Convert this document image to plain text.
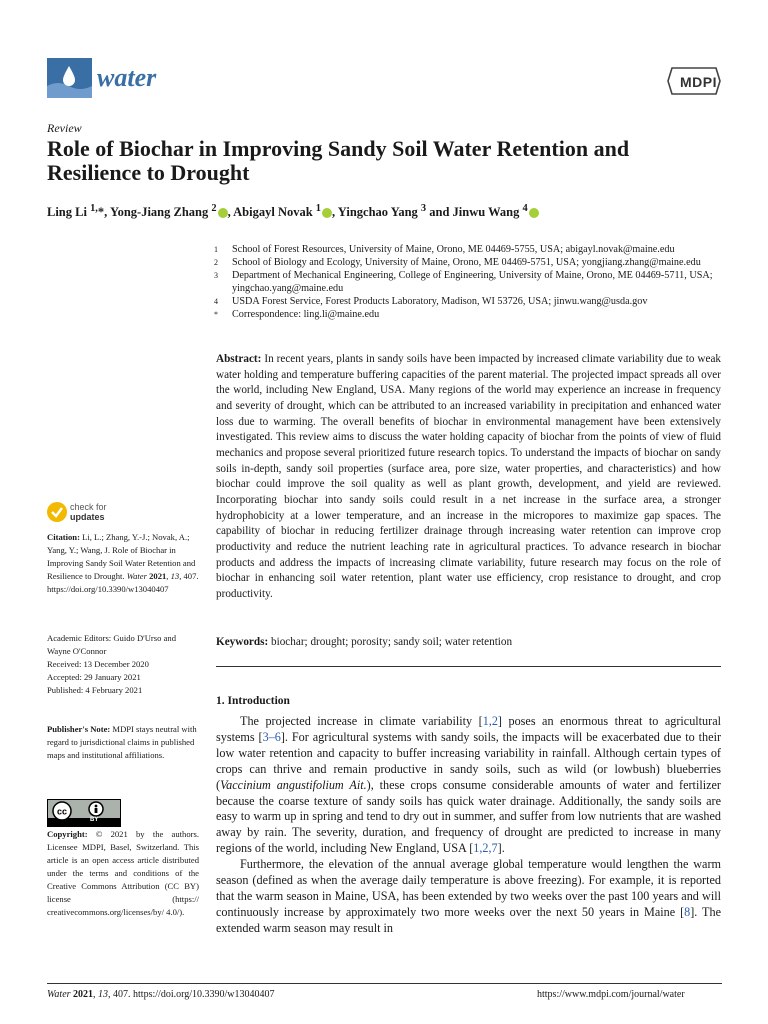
water	MDPI
Review
Role of Biochar in Improving Sandy Soil Water Retention and Resilience to Drought
Ling Li $^{1,}$*, Yong-Jiang Zhang $^2$ , Abigayl Novak $^1$ , Yingchao Yang $^3$ and Jinwu Wang $^4$
1	School of Forest Resources, University of Maine, Orono, ME 04469-5755, USA; abigayl.novak@maine.edu
2	School of Biology and Ecology, University of Maine, Orono, ME 04469-5751, USA; yongjiang.zhang@maine.edu
3	Department of Mechanical Engineering, College of Engineering, University of Maine, Orono, ME 04469-5711, USA; yingchao.yang@maine.edu
4	USDA Forest Service, Forest Products Laboratory, Madison, WI 53726, USA; jinwu.wang@usda.gov
*	Correspondence: ling.li@maine.edu
Abstract: In recent years, plants in sandy soils have been impacted by increased climate variability due to weak water holding and temperature buffering capacities of the parent material. The projected impact spreads all over the world, including New England, USA. Many regions of the world may experience an increase in frequency and severity of drought, which can be attributed to an increased variability in precipitation and enhanced water loss due to warming. The overall benefits of biochar in environmental management have been extensively investigated. This review aims to discuss the water holding capacity of biochar from the points of view of fluid mechanics and propose several prioritized future research topics. To understand the impacts of biochar on sandy soils in-depth, sandy soil properties (surface area, pore size, water properties, and characteristics) and how biochar could improve the soil quality as well as plant growth, development, and yield are reviewed. Incorporating biochar into sandy soils could result in a net increase in the surface area, a stronger hydrophobicity at a lower temperature, and an increase in the micropores to maximize gap spaces. The capability of biochar in reducing fertilizer drainage through increasing water retention can improve crop productivity and reduce the nutrient leaching rate in agricultural practices. To advance research in biochar products and address the impacts of increasing climate variability, future research may focus on the role of biochar in enhancing soil water retention, plant water use efficiency, crop resistance to drought, and crop productivity.
Keywords: biochar; drought; porosity; sandy soil; water retention
check for
updates
Citation: Li, L.; Zhang, Y.-J.; Novak, A.; Yang, Y.; Wang, J. Role of Biochar in Improving Sandy Soil Water Retention and Resilience to Drought. Water 2021, 13, 407. https://doi.org/10.3390/w13040407
Academic Editors: Guido D'Urso and Wayne O'Connor
Received: 13 December 2020
Accepted: 29 January 2021
Published: 4 February 2021
Publisher's Note: MDPI stays neutral with regard to jurisdictional claims in published maps and institutional affiliations.
cc
BY
Copyright: © 2021 by the authors. Licensee MDPI, Basel, Switzerland. This article is an open access article distributed under the terms and conditions of the Creative Commons Attribution (CC BY) license (https:// creativecommons.org/licenses/by/ 4.0/).
1. Introduction

The projected increase in climate variability [1,2] poses an enormous threat to agricultural systems [3–6]. For agricultural systems with sandy soils, the impacts will be exacerbated due to their low water retention and capacity to buffer increasing variability in rainfall. Although certain types of crops can thrive and remain productive in sandy soils, such as wild (or lowbush) blueberries (Vaccinium angustifolium Ait.), these crops consume considerable amounts of water and fertilizer because the coarse texture of sandy soils has quick water drainage. Additionally, the sandy soils are easy to warm up in spring and tend to dry out in summer, and suffer from low nutrients that are washed away by rain. The severity, duration, and frequency of drought are predicted to increase in many regions of the world, including New England, USA [1,2,7].

Furthermore, the elevation of the annual average global temperature would lengthen the warm season (defined as when the average daily temperature is above freezing). For example, it is reported that the warm season in Maine, USA, has been extended by two weeks over the past 100 years and will continuously increase by approximately two more weeks over the next 50 years in Maine [8]. The extended warm season may result in

Water 2021, 13, 407. https://doi.org/10.3390/w13040407	https://www.mdpi.com/journal/water
